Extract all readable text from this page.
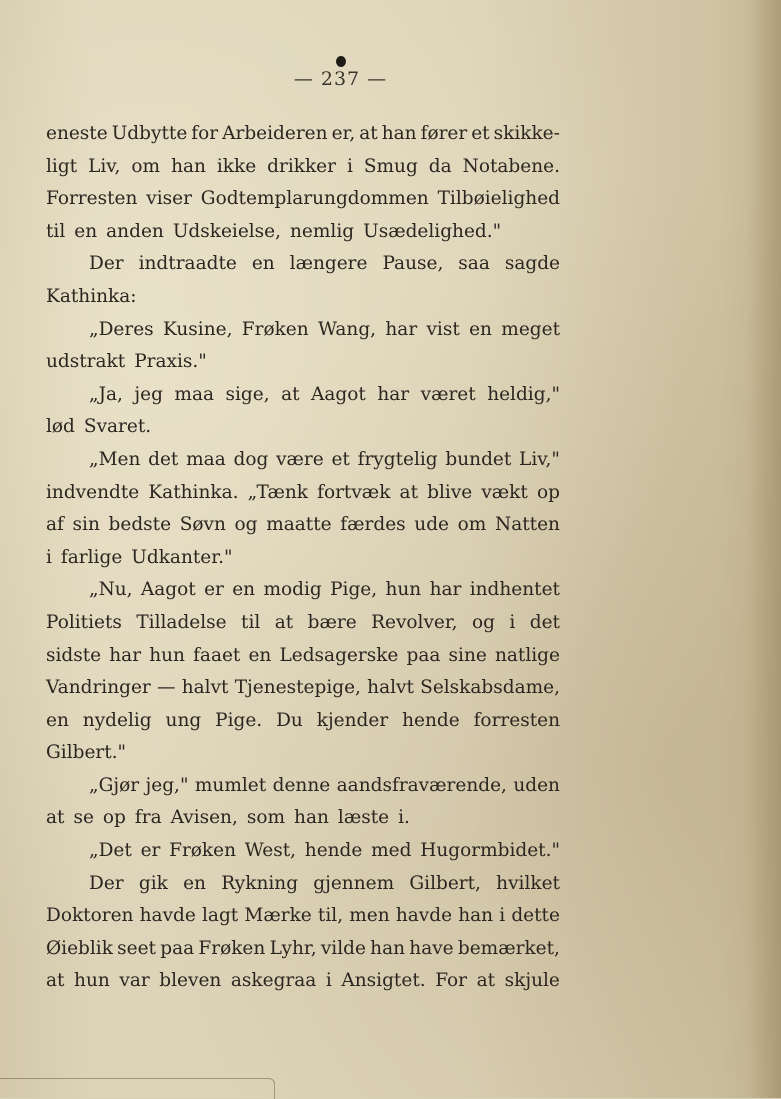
— 237 —
eneste Udbytte for Arbeideren er, at han fører et skikke-
ligt Liv, om han ikke drikker i Smug da Notabene.
Forresten viser Godtemplarungdommen Tilbøielighed
til en anden Udskeielse, nemlig Usædelighed."
Der indtraadte en længere Pause, saa sagde
Kathinka:
„Deres Kusine, Frøken Wang, har vist en meget
udstrakt Praxis."
„Ja, jeg maa sige, at Aagot har været heldig,"
lød Svaret.
„Men det maa dog være et frygtelig bundet Liv,"
indvendte Kathinka. „Tænk fortvæk at blive vækt op
af sin bedste Søvn og maatte færdes ude om Natten
i farlige Udkanter."
„Nu, Aagot er en modig Pige, hun har indhentet
Politiets Tilladelse til at bære Revolver, og i det
sidste har hun faaet en Ledsagerske paa sine natlige
Vandringer — halvt Tjenestepige, halvt Selskabsdame,
en nydelig ung Pige. Du kjender hende forresten
Gilbert."
„Gjør jeg," mumlet denne aandsfraværende, uden
at se op fra Avisen, som han læste i.
„Det er Frøken West, hende med Hugormbidet."
Der gik en Rykning gjennem Gilbert, hvilket
Doktoren havde lagt Mærke til, men havde han i dette
Øieblik seet paa Frøken Lyhr, vilde han have bemærket,
at hun var bleven askegraa i Ansigtet. For at skjule
